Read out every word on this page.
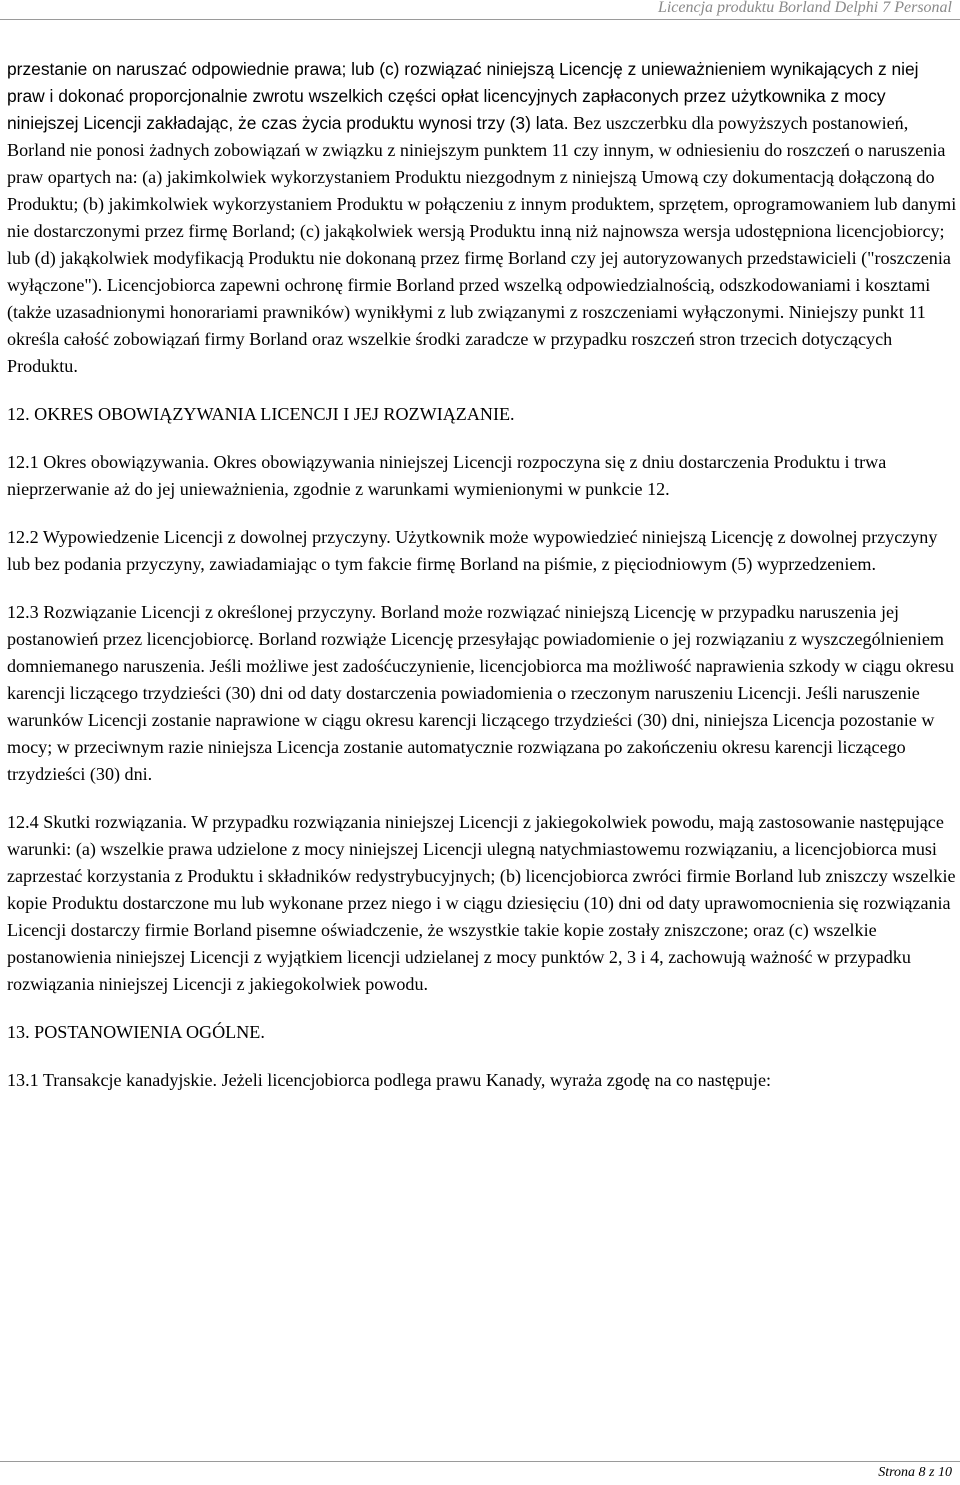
Licencja produktu Borland Delphi 7 Personal

przestanie on naruszać odpowiednie prawa; lub (c) rozwiązać niniejszą Licencję z unieważnieniem wynikających z niej praw i dokonać proporcjonalnie zwrotu wszelkich części opłat licencyjnych zapłaconych przez użytkownika z mocy niniejszej Licencji zakładając, że czas życia produktu wynosi trzy (3) lata. Bez uszczerbku dla powyższych postanowień, Borland nie ponosi żadnych zobowiązań w związku z niniejszym punktem 11 czy innym, w odniesieniu do roszczeń o naruszenia praw opartych na: (a) jakimkolwiek wykorzystaniem Produktu niezgodnym z niniejszą Umową czy dokumentacją dołączoną do Produktu; (b) jakimkolwiek wykorzystaniem Produktu w połączeniu z innym produktem, sprzętem, oprogramowaniem lub danymi nie dostarczonymi przez firmę Borland; (c) jakąkolwiek wersją Produktu inną niż najnowsza wersja udostępniona licencjobiorcy; lub (d) jakąkolwiek modyfikacją Produktu nie dokonaną przez firmę Borland czy jej autoryzowanych przedstawicieli ("roszczenia wyłączone"). Licencjobiorca zapewni ochronę firmie Borland przed wszelką odpowiedzialnością, odszkodowaniami i kosztami (także uzasadnionymi honorariami prawników) wynikłymi z lub związanymi z roszczeniami wyłączonymi. Niniejszy punkt 11 określa całość zobowiązań firmy Borland oraz wszelkie środki zaradcze w przypadku roszczeń stron trzecich dotyczących Produktu.

12. OKRES OBOWIĄZYWANIA LICENCJI I JEJ ROZWIĄZANIE.

12.1 Okres obowiązywania. Okres obowiązywania niniejszej Licencji rozpoczyna się z dniu dostarczenia Produktu i trwa nieprzerwanie aż do jej unieważnienia, zgodnie z warunkami wymienionymi w punkcie 12.

12.2 Wypowiedzenie Licencji z dowolnej przyczyny. Użytkownik może wypowiedzieć niniejszą Licencję z dowolnej przyczyny lub bez podania przyczyny, zawiadamiając o tym fakcie firmę Borland na piśmie, z pięciodniowym (5) wyprzedzeniem.

12.3 Rozwiązanie Licencji z określonej przyczyny. Borland może rozwiązać niniejszą Licencję w przypadku naruszenia jej postanowień przez licencjobiorcę. Borland rozwiąże Licencję przesyłając powiadomienie o jej rozwiązaniu z wyszczególnieniem domniemanego naruszenia. Jeśli możliwe jest zadośćuczynienie, licencjobiorca ma możliwość naprawienia szkody w ciągu okresu karencji liczącego trzydzieści (30) dni od daty dostarczenia powiadomienia o rzeczonym naruszeniu Licencji. Jeśli naruszenie warunków Licencji zostanie naprawione w ciągu okresu karencji liczącego trzydzieści (30) dni, niniejsza Licencja pozostanie w mocy; w przeciwnym razie niniejsza Licencja zostanie automatycznie rozwiązana po zakończeniu okresu karencji liczącego trzydzieści (30) dni.

12.4 Skutki rozwiązania. W przypadku rozwiązania niniejszej Licencji z jakiegokolwiek powodu, mają zastosowanie następujące warunki: (a) wszelkie prawa udzielone z mocy niniejszej Licencji ulegną natychmiastowemu rozwiązaniu, a licencjobiorca musi zaprzestać korzystania z Produktu i składników redystrybucyjnych; (b) licencjobiorca zwróci firmie Borland lub zniszczy wszelkie kopie Produktu dostarczone mu lub wykonane przez niego i w ciągu dziesięciu (10) dni od daty uprawomocnienia się rozwiązania Licencji dostarczy firmie Borland pisemne oświadczenie, że wszystkie takie kopie zostały zniszczone; oraz (c) wszelkie postanowienia niniejszej Licencji z wyjątkiem licencji udzielanej z mocy punktów 2, 3 i 4, zachowują ważność w przypadku rozwiązania niniejszej Licencji z jakiegokolwiek powodu.

13. POSTANOWIENIA OGÓLNE.

13.1 Transakcje kanadyjskie. Jeżeli licencjobiorca podlega prawu Kanady, wyraża zgodę na co następuje:

Strona 8 z 10
